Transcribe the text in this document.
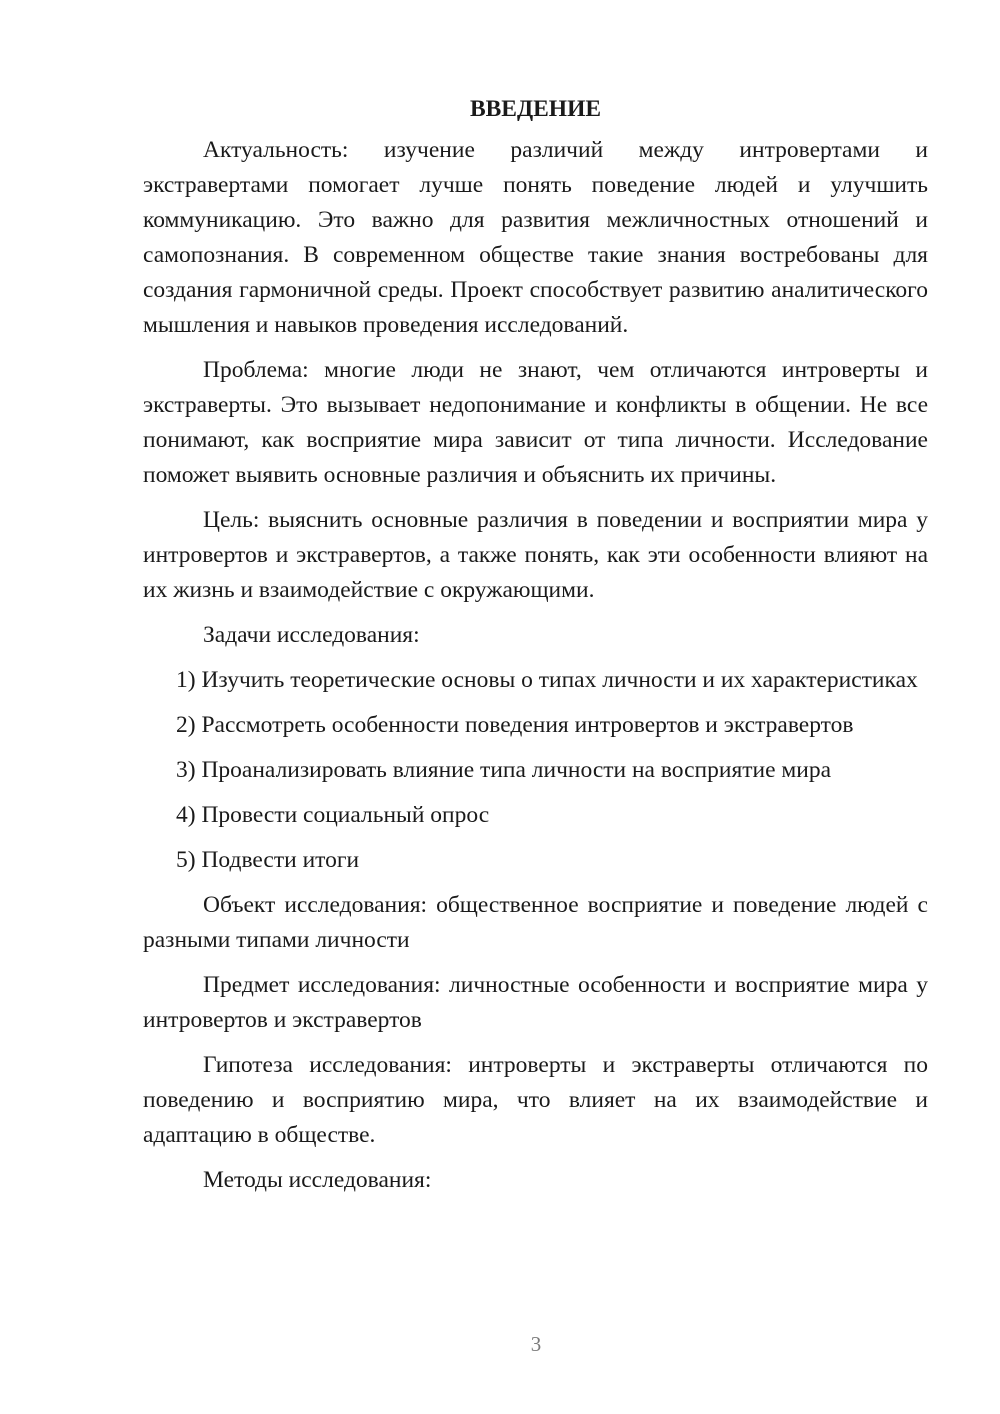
ВВЕДЕНИЕ

Актуальность: изучение различий между интровертами и экстравертами помогает лучше понять поведение людей и улучшить коммуникацию. Это важно для развития межличностных отношений и самопознания. В современном обществе такие знания востребованы для создания гармоничной среды. Проект способствует развитию аналитического мышления и навыков проведения исследований.

Проблема: многие люди не знают, чем отличаются интроверты и экстраверты. Это вызывает недопонимание и конфликты в общении. Не все понимают, как восприятие мира зависит от типа личности. Исследование поможет выявить основные различия и объяснить их причины.

Цель: выяснить основные различия в поведении и восприятии мира у интровертов и экстравертов, а также понять, как эти особенности влияют на их жизнь и взаимодействие с окружающими.

Задачи исследования:

1) Изучить теоретические основы о типах личности и их характеристиках

2) Рассмотреть особенности поведения интровертов и экстравертов

3) Проанализировать влияние типа личности на восприятие мира

4) Провести социальный опрос

5) Подвести итоги

Объект исследования: общественное восприятие и поведение людей с разными типами личности

Предмет исследования: личностные особенности и восприятие мира у интровертов и экстравертов

Гипотеза исследования: интроверты и экстраверты отличаются по поведению и восприятию мира, что влияет на их взаимодействие и адаптацию в обществе.

Методы исследования:

3
